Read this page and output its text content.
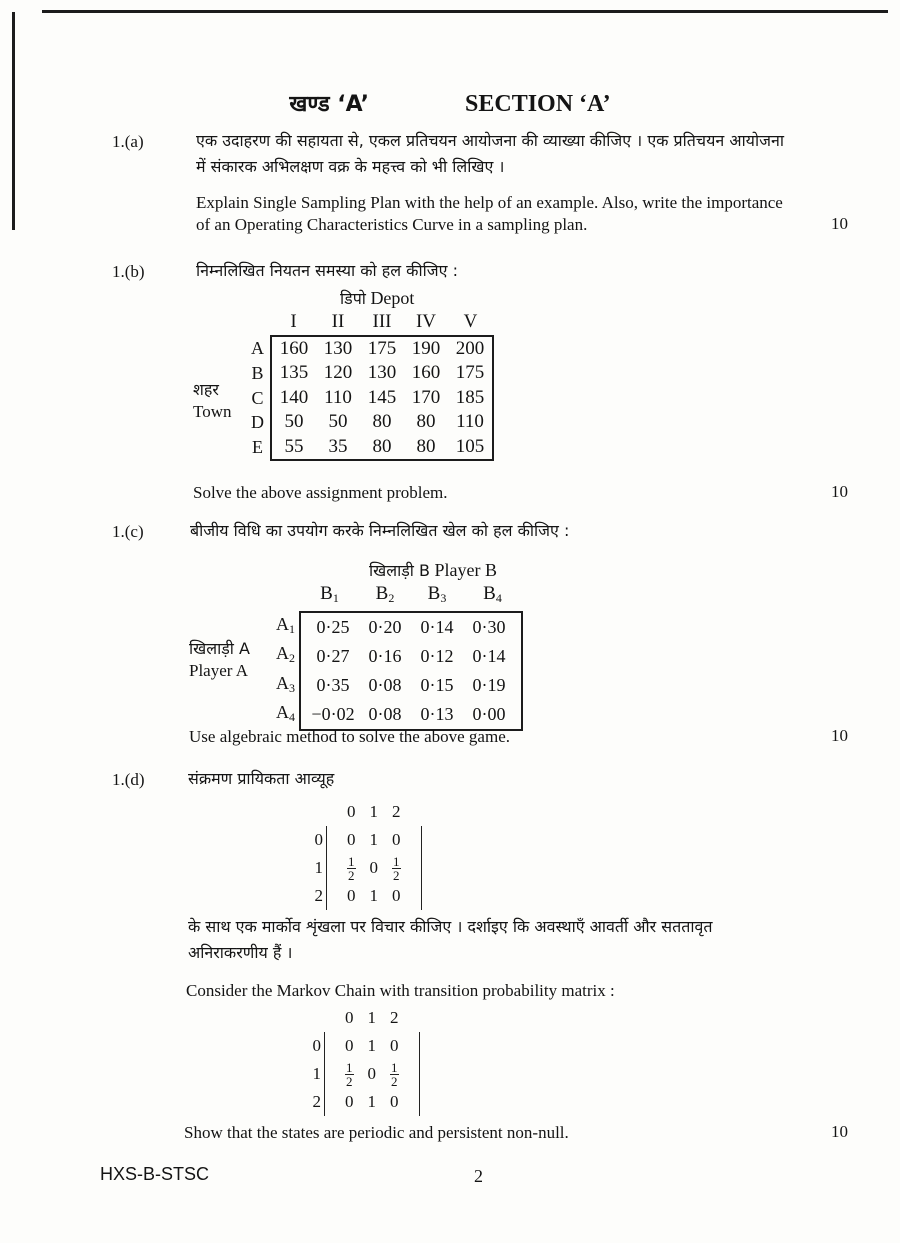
खण्ड ‘A’	SECTION ‘A’
1.(a)	एक उदाहरण की सहायता से, एकल प्रतिचयन आयोजना की व्याख्या कीजिए । एक प्रतिचयन आयोजना
में संकारक अभिलक्षण वक्र के महत्त्व को भी लिखिए ।
Explain Single Sampling Plan with the help of an example. Also, write the importance
of an Operating Characteristics Curve in a sampling plan.	10
1.(b)	निम्नलिखित नियतन समस्या को हल कीजिए :
डिपो Depot
शहर
Town
	I	II	III	IV	V
A	160	130	175	190	200
B	135	120	130	160	175
C	140	110	145	170	185
D	50	50	80	80	110
E	55	35	80	80	105
Solve the above assignment problem.	10
1.(c)	बीजीय विधि का उपयोग करके निम्नलिखित खेल को हल कीजिए :
खिलाड़ी B Player B
खिलाड़ी A
Player A
	$B_1$	$B_2$	$B_3$	$B_4$
$A_1$	0·25	0·20	0·14	0·30
$A_2$	0·27	0·16	0·12	0·14
$A_3$	0·35	0·08	0·15	0·19
$A_4$	−0·02	0·08	0·13	0·00
Use algebraic method to solve the above game.	10
1.(d)	संक्रमण प्रायिकता आव्यूह
		0	1	2	
0		0	1	0	
1		$\frac{1}{2}$	0	$\frac{1}{2}$

2		0	1	0	
के साथ एक मार्कोव शृंखला पर विचार कीजिए । दर्शाइए कि अवस्थाएँ आवर्ती और सततावृत
अनिराकरणीय हैं ।
Consider the Markov Chain with transition probability matrix :
		0	1	2	
0		0	1	0	
1		$\frac{1}{2}$	0	$\frac{1}{2}$

2		0	1	0	
Show that the states are periodic and persistent non-null.	10
HXS-B-STSC	2
